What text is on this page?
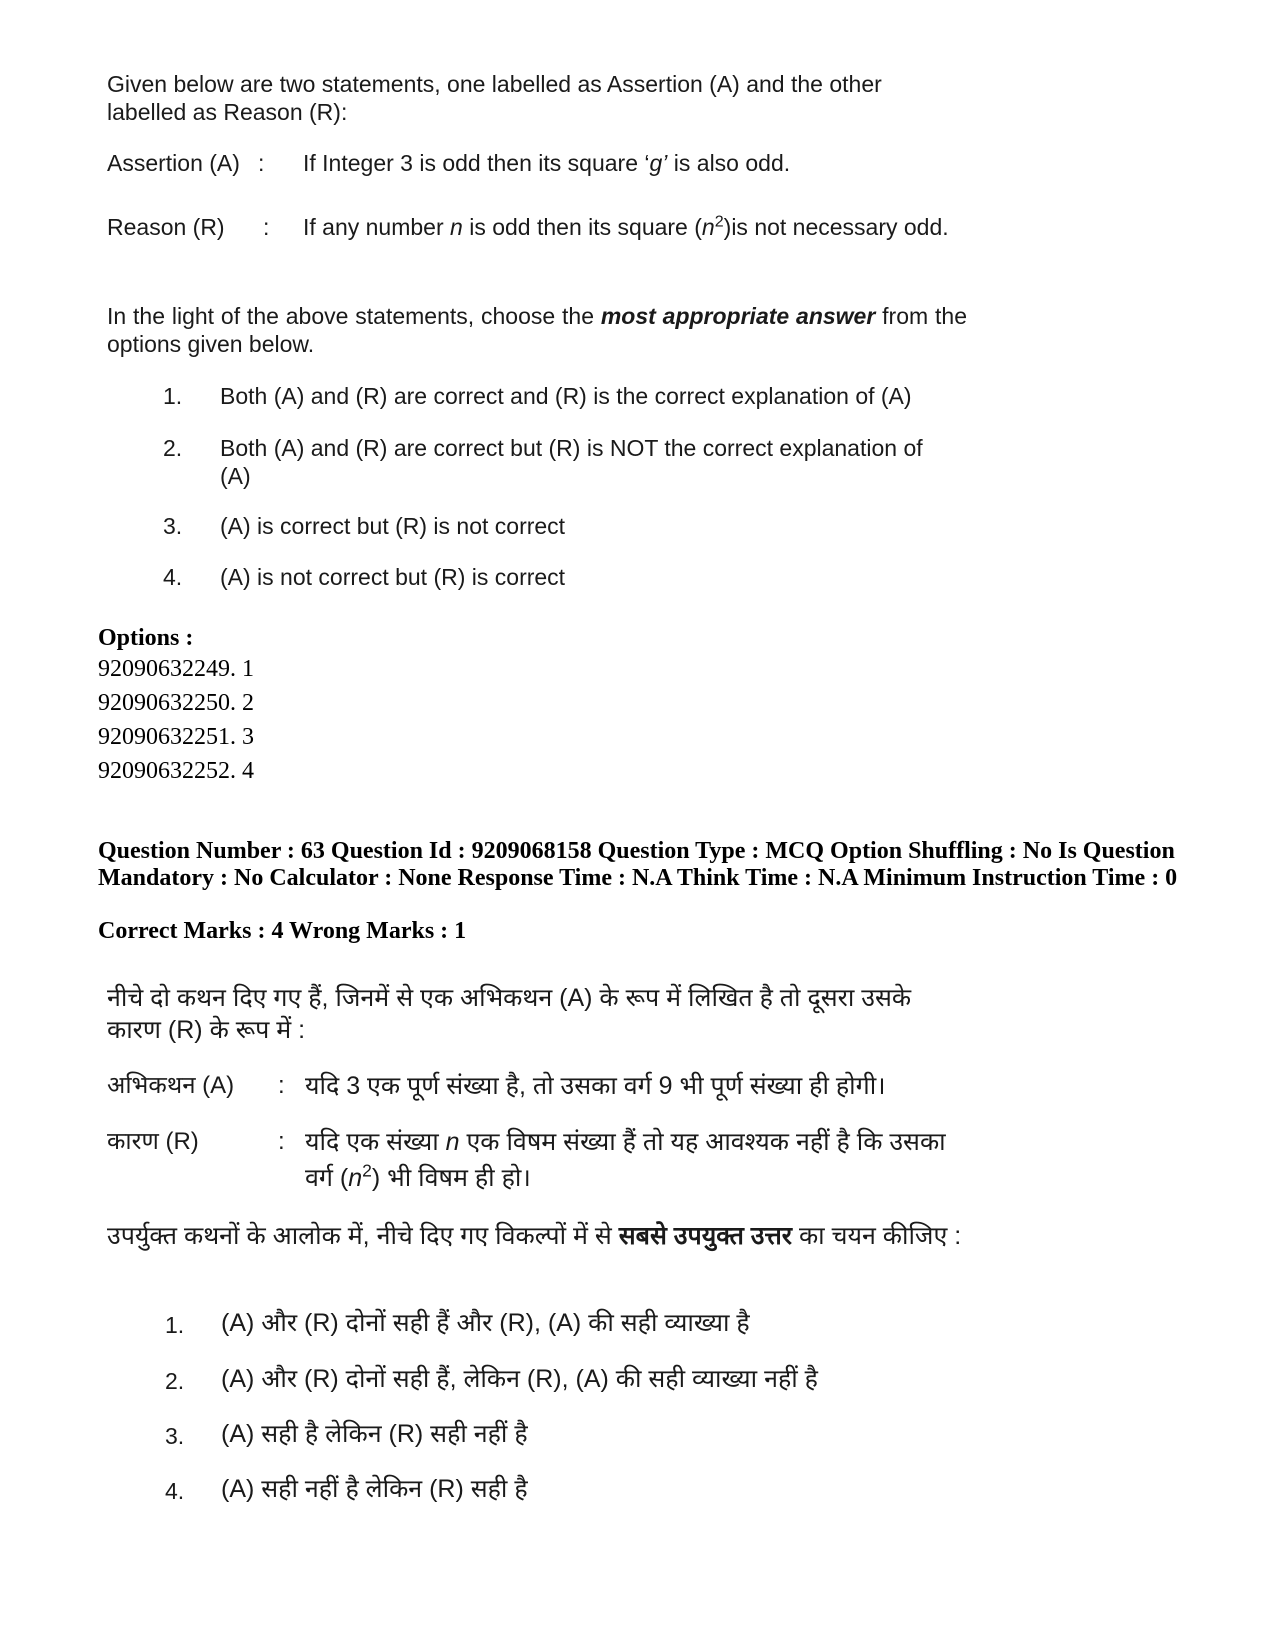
Given below are two statements, one labelled as Assertion (A) and the other labelled as Reason (R):
Assertion (A) : If Integer 3 is odd then its square ‘g’ is also odd.
Reason (R) : If any number n is odd then its square $(n^2)is$ not necessary odd.
In the light of the above statements, choose the most appropriate answer from the options given below.
1. Both (A) and (R) are correct and (R) is the correct explanation of (A)
2. Both (A) and (R) are correct but (R) is NOT the correct explanation of (A)
3. (A) is correct but (R) is not correct
4. (A) is not correct but (R) is correct
Options :
92090632249. 1
92090632250. 2
92090632251. 3
92090632252. 4
Question Number : 63 Question Id : 9209068158 Question Type : MCQ Option Shuffling : No Is Question Mandatory : No Calculator : None Response Time : N.A Think Time : N.A Minimum Instruction Time : 0
Correct Marks : 4 Wrong Marks : 1
नीचे दो कथन दिए गए हैं, जिनमें से एक अभिकथन (A) के रूप में लिखित है तो दूसरा उसके कारण (R) के रूप में :
अभिकथन (A) : यदि 3 एक पूर्ण संख्या है, तो उसका वर्ग 9 भी पूर्ण संख्या ही होगी।
कारण (R)	: यदि एक संख्या n एक विषम संख्या हैं तो यह आवश्यक नहीं है कि उसका वर्ग $(n^2)$ भी विषम ही हो।
उपर्युक्त कथनों के आलोक में, नीचे दिए गए विकल्पों में से सबसे उपयुक्त उत्तर का चयन कीजिए :
1. (A) और (R) दोनों सही हैं और (R), (A) की सही व्याख्या है
2. (A) और (R) दोनों सही हैं, लेकिन (R), (A) की सही व्याख्या नहीं है
3. (A) सही है लेकिन (R) सही नहीं है
4. (A) सही नहीं है लेकिन (R) सही है
